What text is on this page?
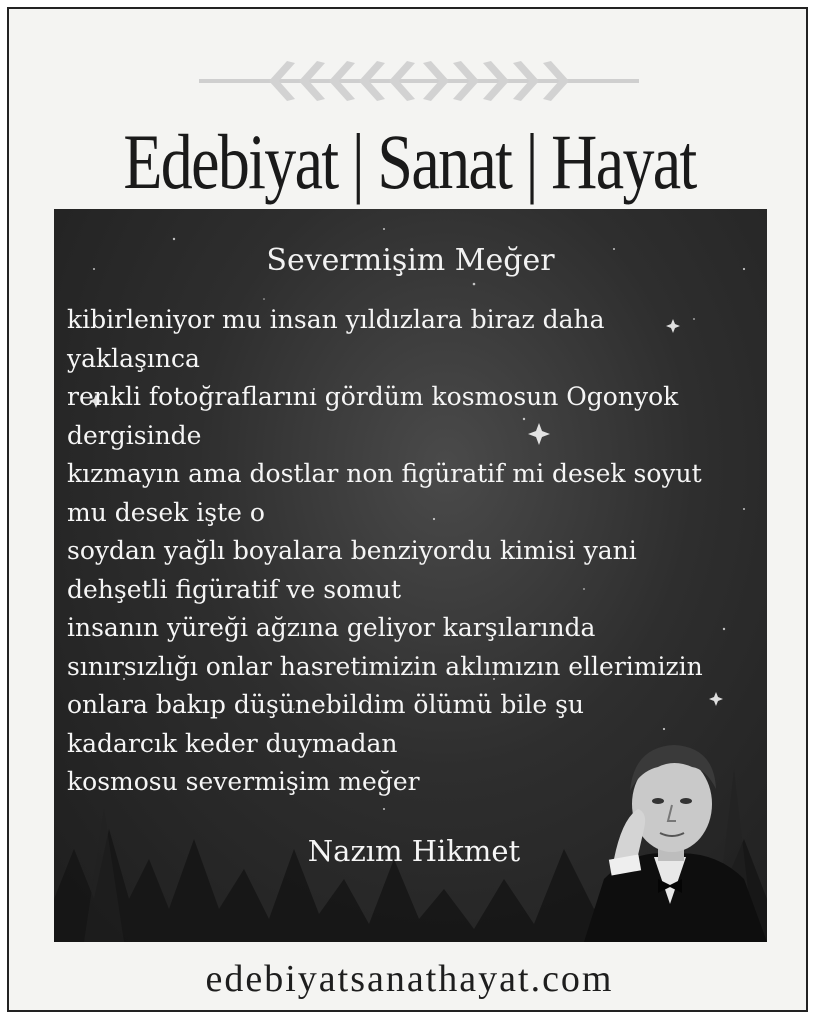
Edebiyat | Sanat | Hayat
Severmişim Meğer
kibirleniyor mu insan yıldızlara biraz daha
yaklaşınca
renkli fotoğraflarını gördüm kosmosun Ogonyok
dergisinde
kızmayın ama dostlar non figüratif mi desek soyut
mu desek işte o
soydan yağlı boyalara benziyordu kimisi yani
dehşetli figüratif ve somut
insanın yüreği ağzına geliyor karşılarında
sınırsızlığı onlar hasretimizin aklımızın ellerimizin
onlara bakıp düşünebildim ölümü bile şu
kadarcık keder duymadan
kosmosu severmişim meğer
Nazım Hikmet
edebiyatsanathayat.com
